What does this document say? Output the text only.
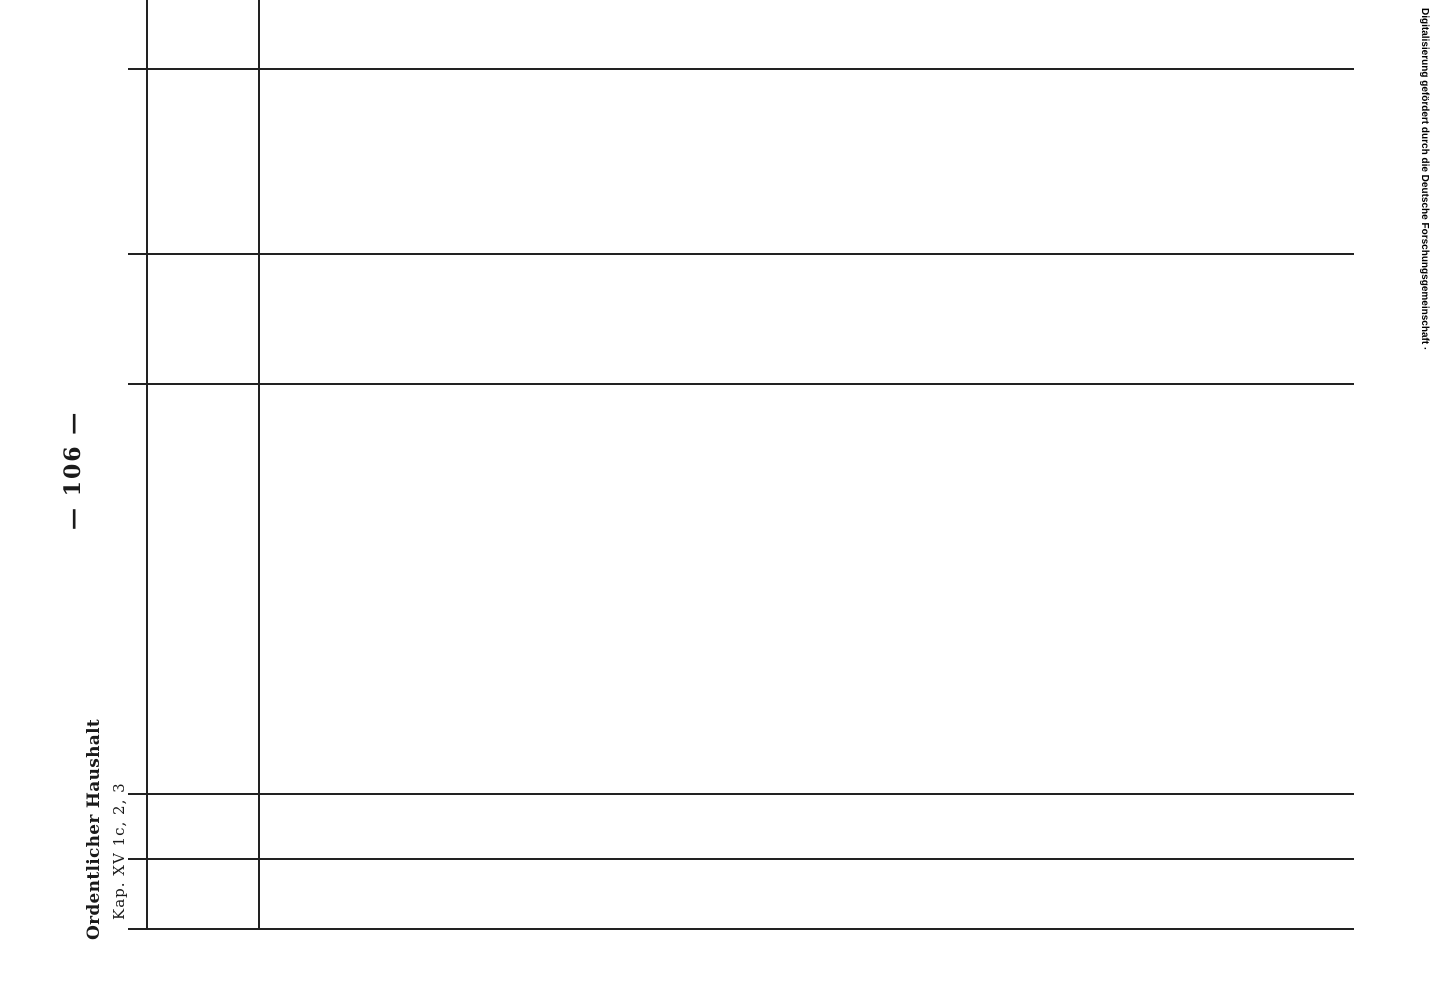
Ordentlicher Haushalt Kap. XV 1c, 2, 3
— 106 —
Digitalisierung gefördert durch die Deutsche Forschungsgemeinschaft ·
